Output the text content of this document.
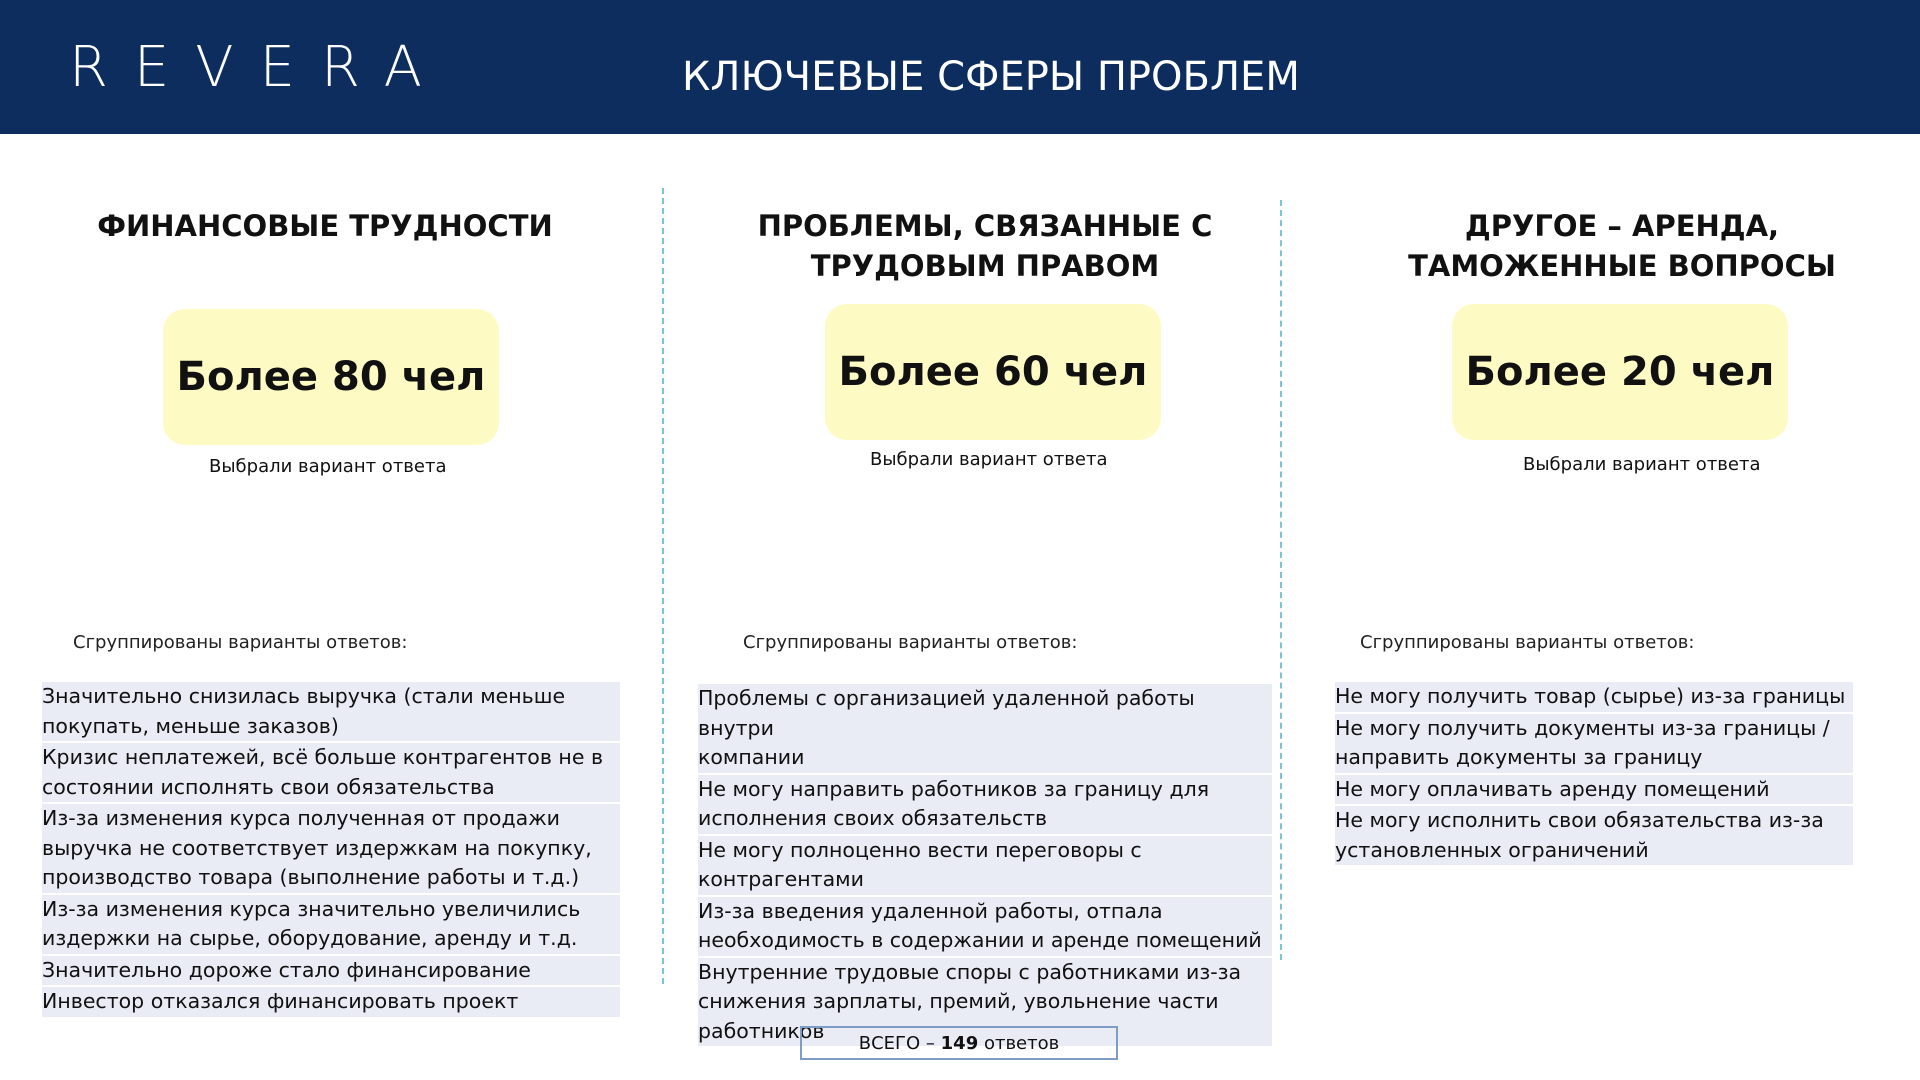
REVERA	КЛЮЧЕВЫЕ СФЕРЫ ПРОБЛЕМ
ФИНАНСОВЫЕ ТРУДНОСТИ
Более 80 чел
Выбрали вариант ответа
Сгруппированы варианты ответов:
Значительно снизилась выручка (стали меньше
покупать, меньше заказов)
Кризис неплатежей, всё больше контрагентов не в
состоянии исполнять свои обязательства
Из-за изменения курса полученная от продажи
выручка не соответствует издержкам на покупку,
производство товара (выполнение работы и т.д.)
Из-за изменения курса значительно увеличились
издержки на сырье, оборудование, аренду и т.д.
Значительно дороже стало финансирование
Инвестор отказался финансировать проект
ПРОБЛЕМЫ, СВЯЗАННЫЕ С
ТРУДОВЫМ ПРАВОМ
Более 60 чел
Выбрали вариант ответа
Сгруппированы варианты ответов:
Проблемы с организацией удаленной работы внутри
компании
Не могу направить работников за границу для
исполнения своих обязательств
Не могу полноценно вести переговоры с
контрагентами
Из-за введения удаленной работы, отпала
необходимость в содержании и аренде помещений
Внутренние трудовые споры с работниками из-за
снижения зарплаты, премий, увольнение части
работников
ДРУГОЕ – АРЕНДА,
ТАМОЖЕННЫЕ ВОПРОСЫ
Более 20 чел
Выбрали вариант ответа
Сгруппированы варианты ответов:
Не могу получить товар (сырье) из-за границы
Не могу получить документы из-за границы /
направить документы за границу
Не могу оплачивать аренду помещений
Не могу исполнить свои обязательства из-за
установленных ограничений
ВСЕГО – 149 ответов
